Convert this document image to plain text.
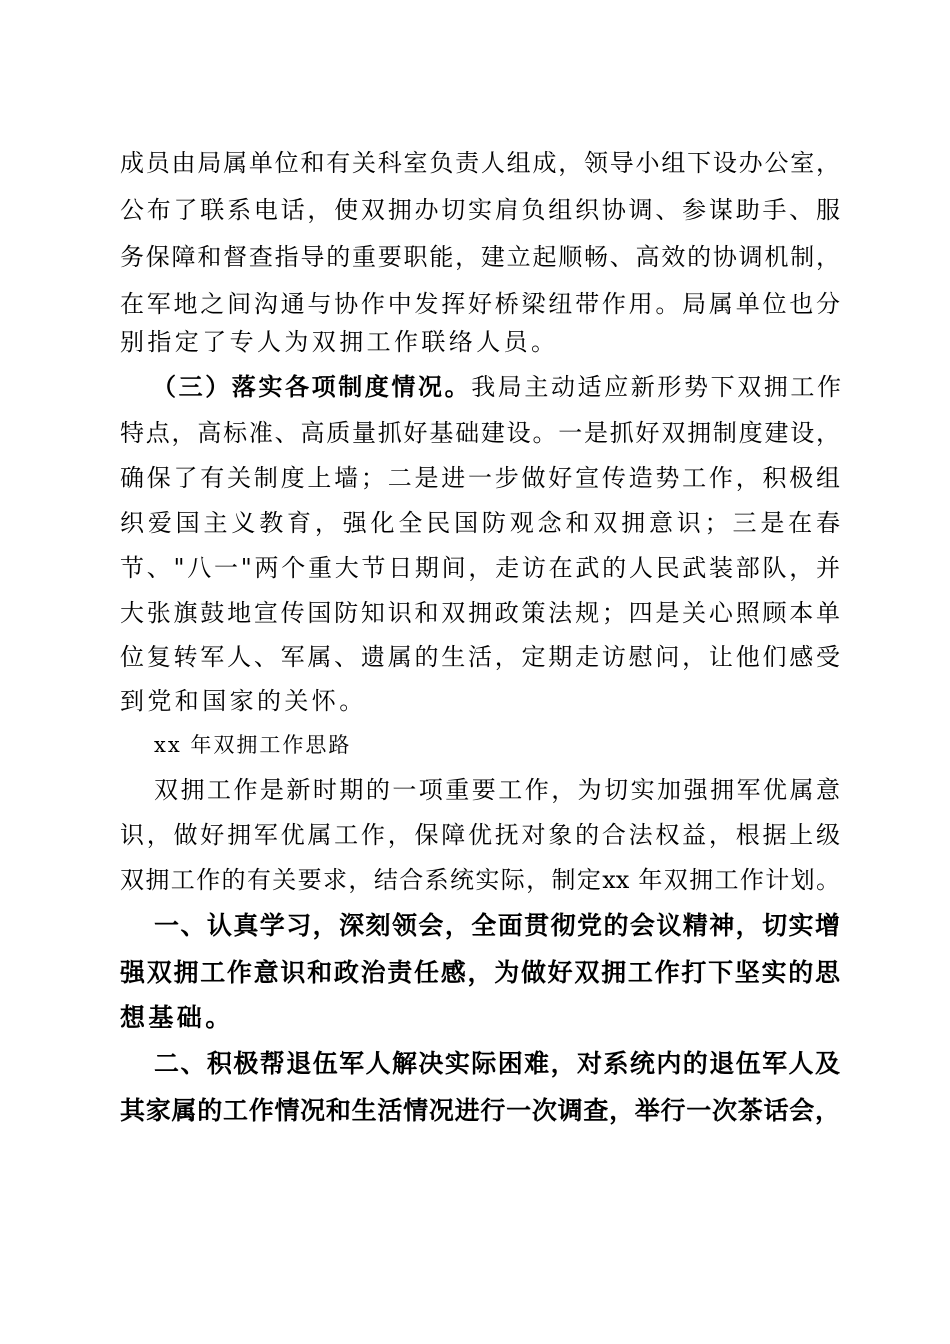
成员由局属单位和有关科室负责人组成，领导小组下设办公室，
公布了联系电话，使双拥办切实肩负组织协调、参谋助手、服
务保障和督查指导的重要职能，建立起顺畅、高效的协调机制，
在军地之间沟通与协作中发挥好桥梁纽带作用。局属单位也分
别指定了专人为双拥工作联络人员。
（三）落实各项制度情况。我局主动适应新形势下双拥工作
特点，高标准、高质量抓好基础建设。一是抓好双拥制度建设，
确保了有关制度上墙；二是进一步做好宣传造势工作，积极组
织爱国主义教育，强化全民国防观念和双拥意识；三是在春
节、"八一"两个重大节日期间，走访在武的人民武装部队，并
大张旗鼓地宣传国防知识和双拥政策法规；四是关心照顾本单
位复转军人、军属、遗属的生活，定期走访慰问，让他们感受
到党和国家的关怀。
xx 年双拥工作思路
双拥工作是新时期的一项重要工作，为切实加强拥军优属意
识，做好拥军优属工作，保障优抚对象的合法权益，根据上级
双拥工作的有关要求，结合系统实际，制定xx 年双拥工作计划。
一、认真学习，深刻领会，全面贯彻党的会议精神，切实增
强双拥工作意识和政治责任感，为做好双拥工作打下坚实的思
想基础。
二、积极帮退伍军人解决实际困难，对系统内的退伍军人及
其家属的工作情况和生活情况进行一次调查，举行一次茶话会，
